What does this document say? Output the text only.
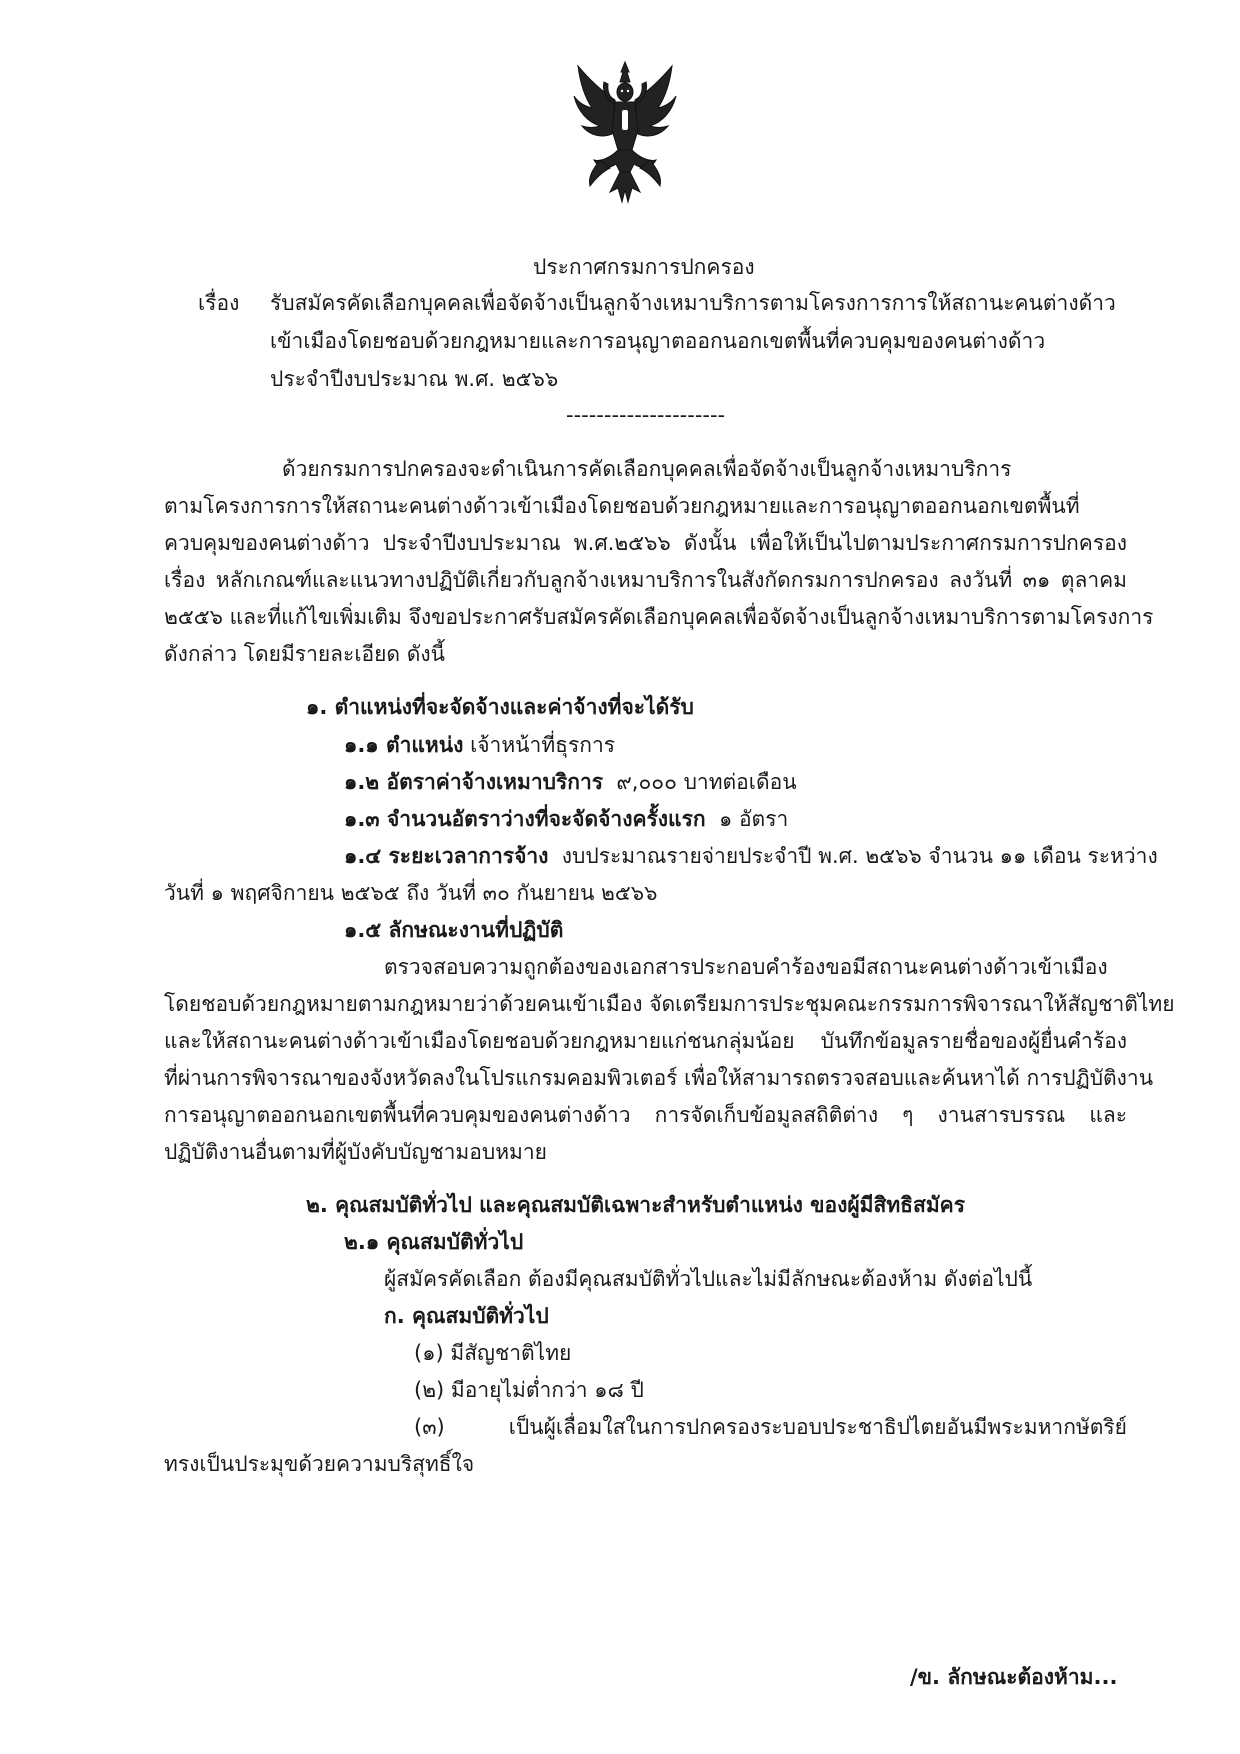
ประกาศกรมการปกครอง
เรื่อง รับสมัครคัดเลือกบุคคลเพื่อจัดจ้างเป็นลูกจ้างเหมาบริการตามโครงการการให้สถานะคนต่างด้าว
เข้าเมืองโดยชอบด้วยกฎหมายและการอนุญาตออกนอกเขตพื้นที่ควบคุมของคนต่างด้าว
ประจำปีงบประมาณ พ.ศ. ๒๕๖๖
---------------------
ด้วยกรมการปกครองจะดำเนินการคัดเลือกบุคคลเพื่อจัดจ้างเป็นลูกจ้างเหมาบริการ
ตามโครงการการให้สถานะคนต่างด้าวเข้าเมืองโดยชอบด้วยกฎหมายและการอนุญาตออกนอกเขตพื้นที่
ควบคุมของคนต่างด้าว ประจำปีงบประมาณ พ.ศ.๒๕๖๖ ดังนั้น เพื่อให้เป็นไปตามประกาศกรมการปกครอง
เรื่อง หลักเกณฑ์และแนวทางปฏิบัติเกี่ยวกับลูกจ้างเหมาบริการในสังกัดกรมการปกครอง ลงวันที่ ๓๑ ตุลาคม
๒๕๕๖ และที่แก้ไขเพิ่มเติม จึงขอประกาศรับสมัครคัดเลือกบุคคลเพื่อจัดจ้างเป็นลูกจ้างเหมาบริการตามโครงการ
ดังกล่าว โดยมีรายละเอียด ดังนี้
๑. ตำแหน่งที่จะจัดจ้างและค่าจ้างที่จะได้รับ
๑.๑ ตำแหน่ง เจ้าหน้าที่ธุรการ
๑.๒ อัตราค่าจ้างเหมาบริการ ๙,๐๐๐ บาทต่อเดือน
๑.๓ จำนวนอัตราว่างที่จะจัดจ้างครั้งแรก ๑ อัตรา
๑.๔ ระยะเวลาการจ้าง งบประมาณรายจ่ายประจำปี พ.ศ. ๒๕๖๖ จำนวน ๑๑ เดือน ระหว่าง
วันที่ ๑ พฤศจิกายน ๒๕๖๕ ถึง วันที่ ๓๐ กันยายน ๒๕๖๖
๑.๕ ลักษณะงานที่ปฏิบัติ
ตรวจสอบความถูกต้องของเอกสารประกอบคำร้องขอมีสถานะคนต่างด้าวเข้าเมือง
โดยชอบด้วยกฎหมายตามกฎหมายว่าด้วยคนเข้าเมือง จัดเตรียมการประชุมคณะกรรมการพิจารณาให้สัญชาติไทย
และให้สถานะคนต่างด้าวเข้าเมืองโดยชอบด้วยกฎหมายแก่ชนกลุ่มน้อย บันทึกข้อมูลรายชื่อของผู้ยื่นคำร้อง
ที่ผ่านการพิจารณาของจังหวัดลงในโปรแกรมคอมพิวเตอร์ เพื่อให้สามารถตรวจสอบและค้นหาได้ การปฏิบัติงาน
การอนุญาตออกนอกเขตพื้นที่ควบคุมของคนต่างด้าว การจัดเก็บข้อมูลสถิติต่าง ๆ งานสารบรรณ และ
ปฏิบัติงานอื่นตามที่ผู้บังคับบัญชามอบหมาย
๒. คุณสมบัติทั่วไป และคุณสมบัติเฉพาะสำหรับตำแหน่ง ของผู้มีสิทธิสมัคร
๒.๑ คุณสมบัติทั่วไป
ผู้สมัครคัดเลือก ต้องมีคุณสมบัติทั่วไปและไม่มีลักษณะต้องห้าม ดังต่อไปนี้
ก. คุณสมบัติทั่วไป
(๑) มีสัญชาติไทย
(๒) มีอายุไม่ต่ำกว่า ๑๘ ปี
(๓) เป็นผู้เลื่อมใสในการปกครองระบอบประชาธิปไตยอันมีพระมหากษัตริย์
ทรงเป็นประมุขด้วยความบริสุทธิ์ใจ
/ข. ลักษณะต้องห้าม...
